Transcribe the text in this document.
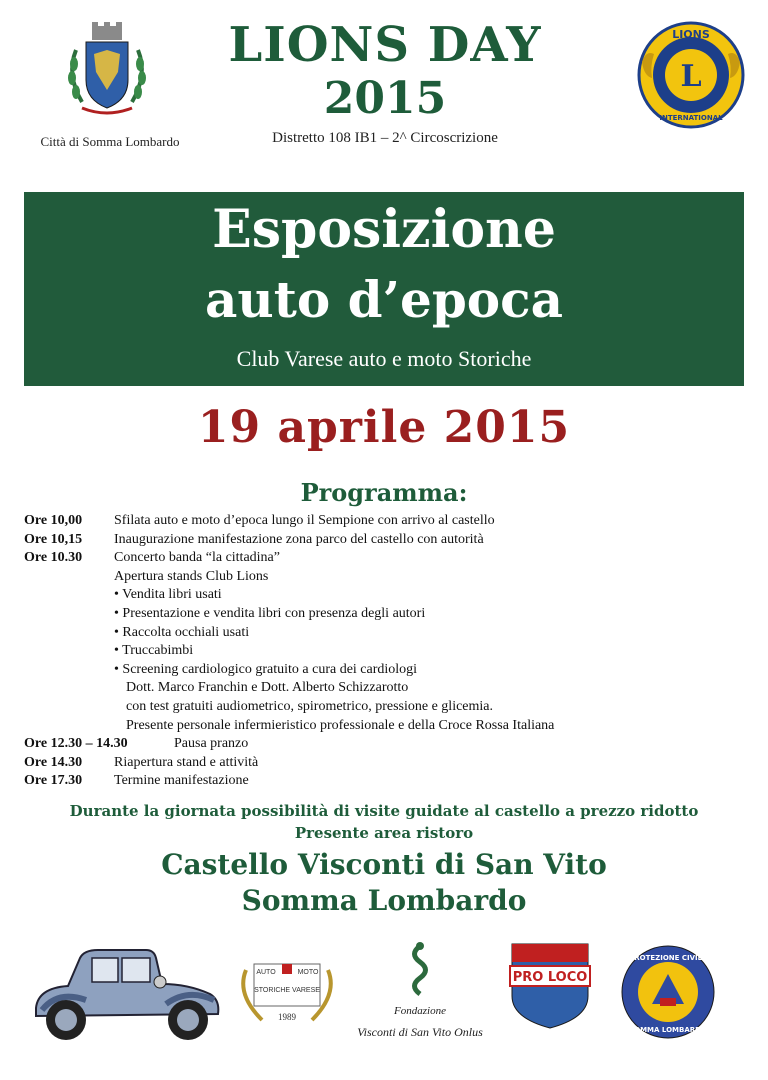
Città di Somma Lombardo
LIONS DAY
2015
Distretto 108 IB1 – 2^ Circoscrizione
L
LIONS
INTERNATIONAL
Esposizione
auto d’epoca
Club Varese auto e moto Storiche
19 aprile 2015
Programma:
Ore 10,00 Sfilata auto e moto d’epoca lungo il Sempione con arrivo al castello
Ore 10,15 Inaugurazione manifestazione zona parco del castello con autorità
Ore 10.30 Concerto banda “la cittadina”
Apertura stands Club Lions
• Vendita libri usati
• Presentazione e vendita libri con presenza degli autori
• Raccolta occhiali usati
• Truccabimbi
• Screening cardiologico gratuito a cura dei cardiologi
Dott. Marco Franchin e Dott. Alberto Schizzarotto
con test gratuiti audiometrico, spirometrico, pressione e glicemia.
Presente personale infermieristico professionale e della Croce Rossa Italiana
Ore 12.30 – 14.30	Pausa pranzo
Ore 14.30 Riapertura stand e attività
Ore 17.30 Termine manifestazione
Durante la giornata possibilità di visite guidate al castello a prezzo ridotto
Presente area ristoro
Castello Visconti di San Vito
Somma Lombardo
AUTO	MOTO
STORICHE VARESE
1989	Fondazione
Visconti di San Vito Onlus
PRO LOCO
PROTEZIONE CIVILE
SOMMA LOMBARDO
